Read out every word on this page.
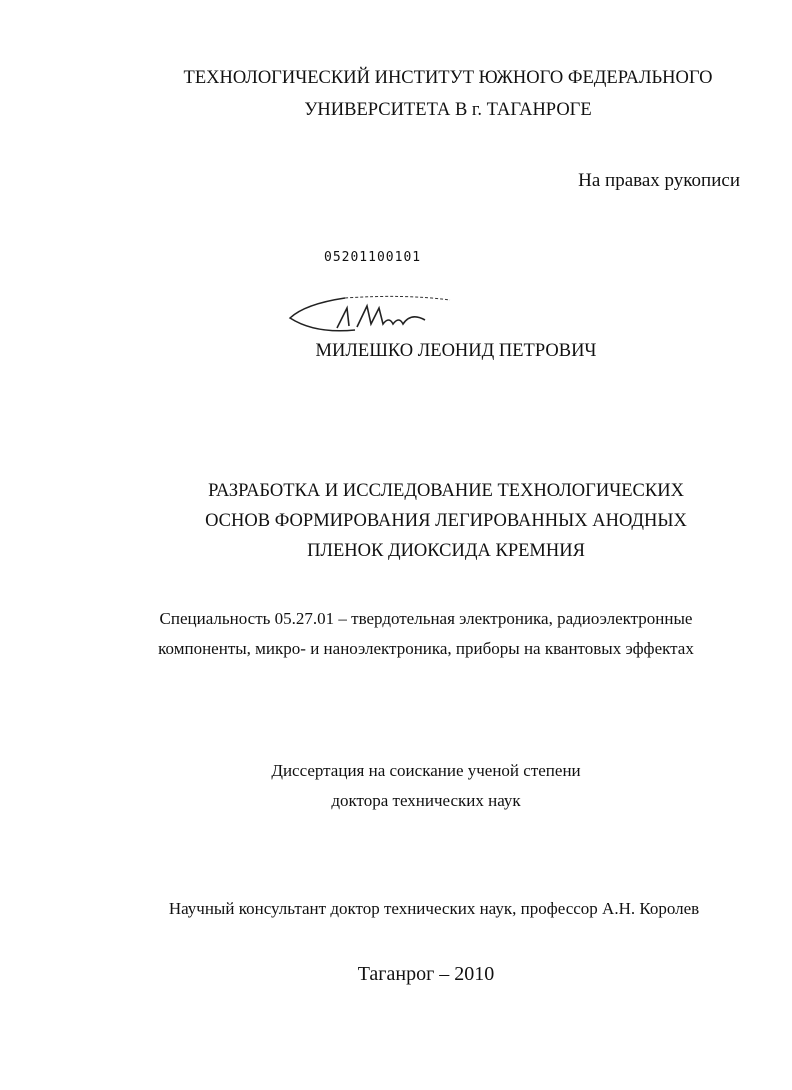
ТЕХНОЛОГИЧЕСКИЙ ИНСТИТУТ ЮЖНОГО ФЕДЕРАЛЬНОГО
УНИВЕРСИТЕТА В г. ТАГАНРОГЕ
На правах рукописи
05201100101
МИЛЕШКО ЛЕОНИД ПЕТРОВИЧ
РАЗРАБОТКА И ИССЛЕДОВАНИЕ ТЕХНОЛОГИЧЕСКИХ
ОСНОВ ФОРМИРОВАНИЯ ЛЕГИРОВАННЫХ АНОДНЫХ
ПЛЕНОК ДИОКСИДА КРЕМНИЯ
Специальность 05.27.01 – твердотельная электроника, радиоэлектронные
компоненты, микро- и наноэлектроника, приборы на квантовых эффектах
Диссертация на соискание ученой степени
доктора технических наук
Научный консультант доктор технических наук, профессор А.Н. Королев
Таганрог – 2010
